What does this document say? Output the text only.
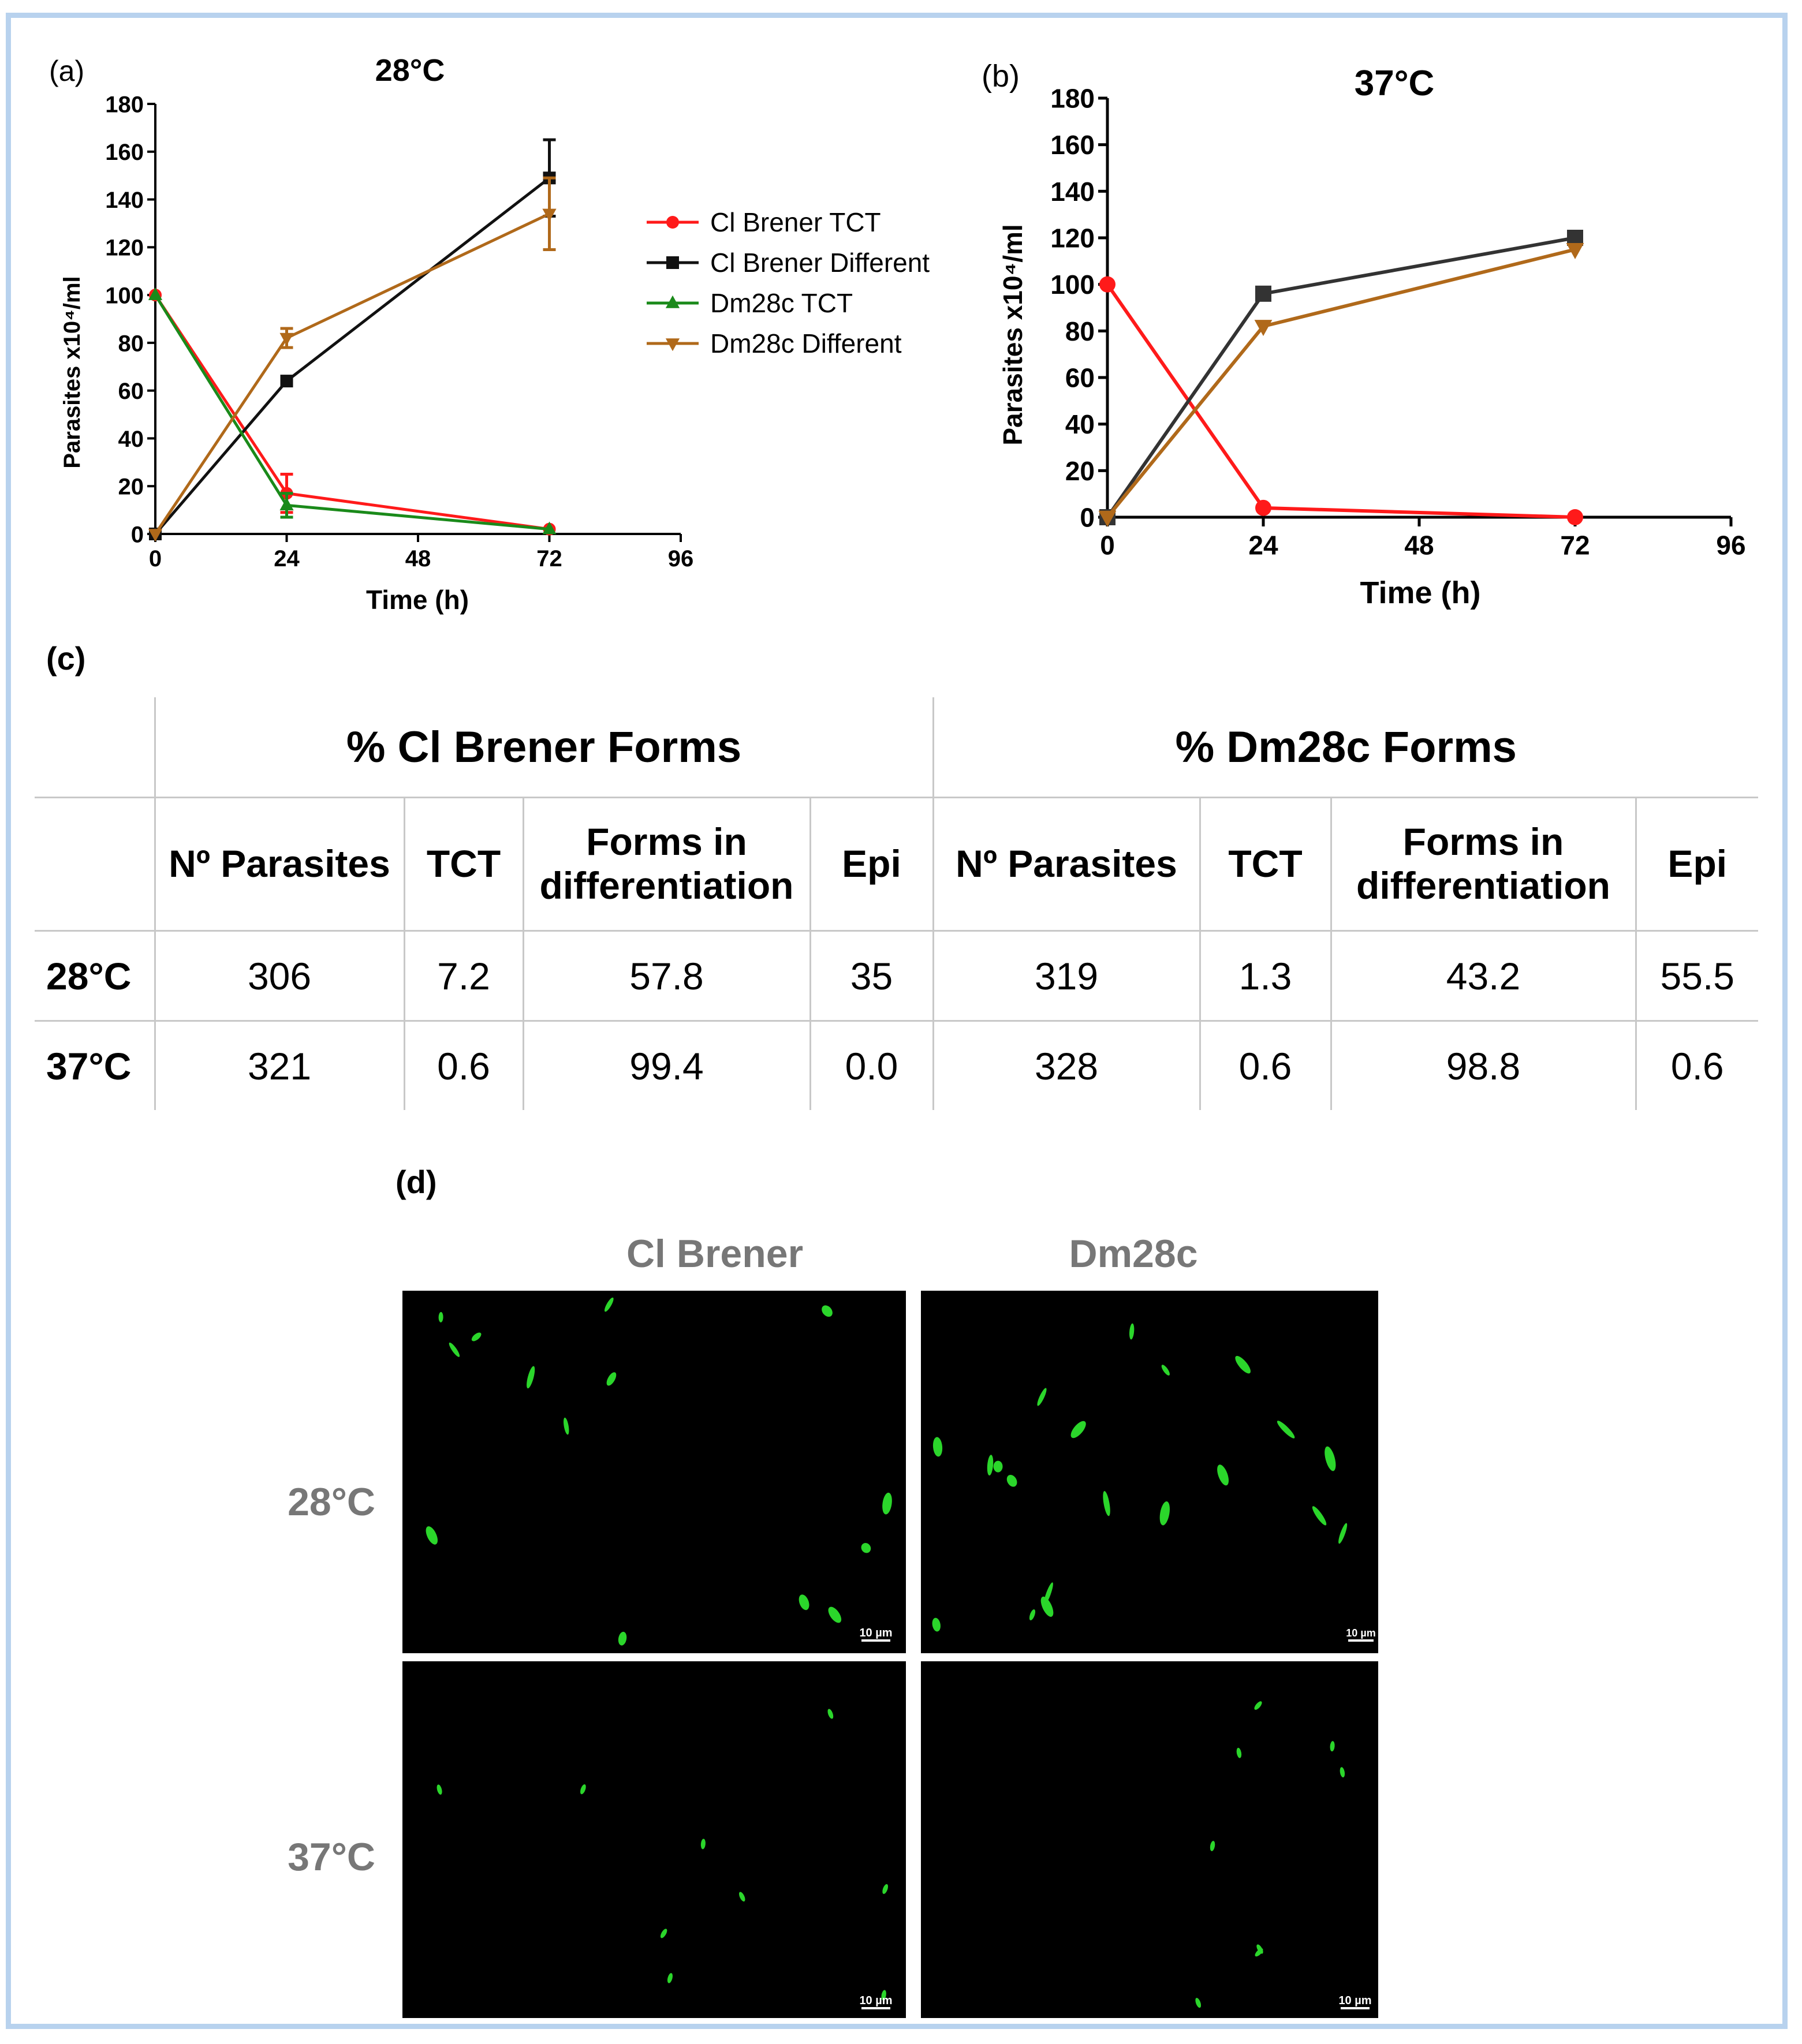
(a)	28°C
0
20
40
60
80
100
120
140
160
180
0	24	48	72	96
Time (h)
Parasites x10⁴/ml
Cl Brener TCT
Cl Brener Different
Dm28c TCT
Dm28c Different
(b)	37°C
0
20
40
60
80
100
120
140
160
180
0	24	48	72	96
Time (h)
Parasites x10⁴/ml
(c)
	% Cl Brener Forms				% Dm28c Forms			
	Nº Parasites	TCT	Forms in differentiation	Epi	Nº Parasites	TCT	Forms in differentiation	Epi
28°C	306	7.2	57.8	35	319	1.3	43.2	55.5
37°C	321	0.6	99.4	0.0	328	0.6	98.8	0.6
(d)
Cl Brener	Dm28c
28°C
37°C
10 µm	10 µm
10 µm	10 µm
